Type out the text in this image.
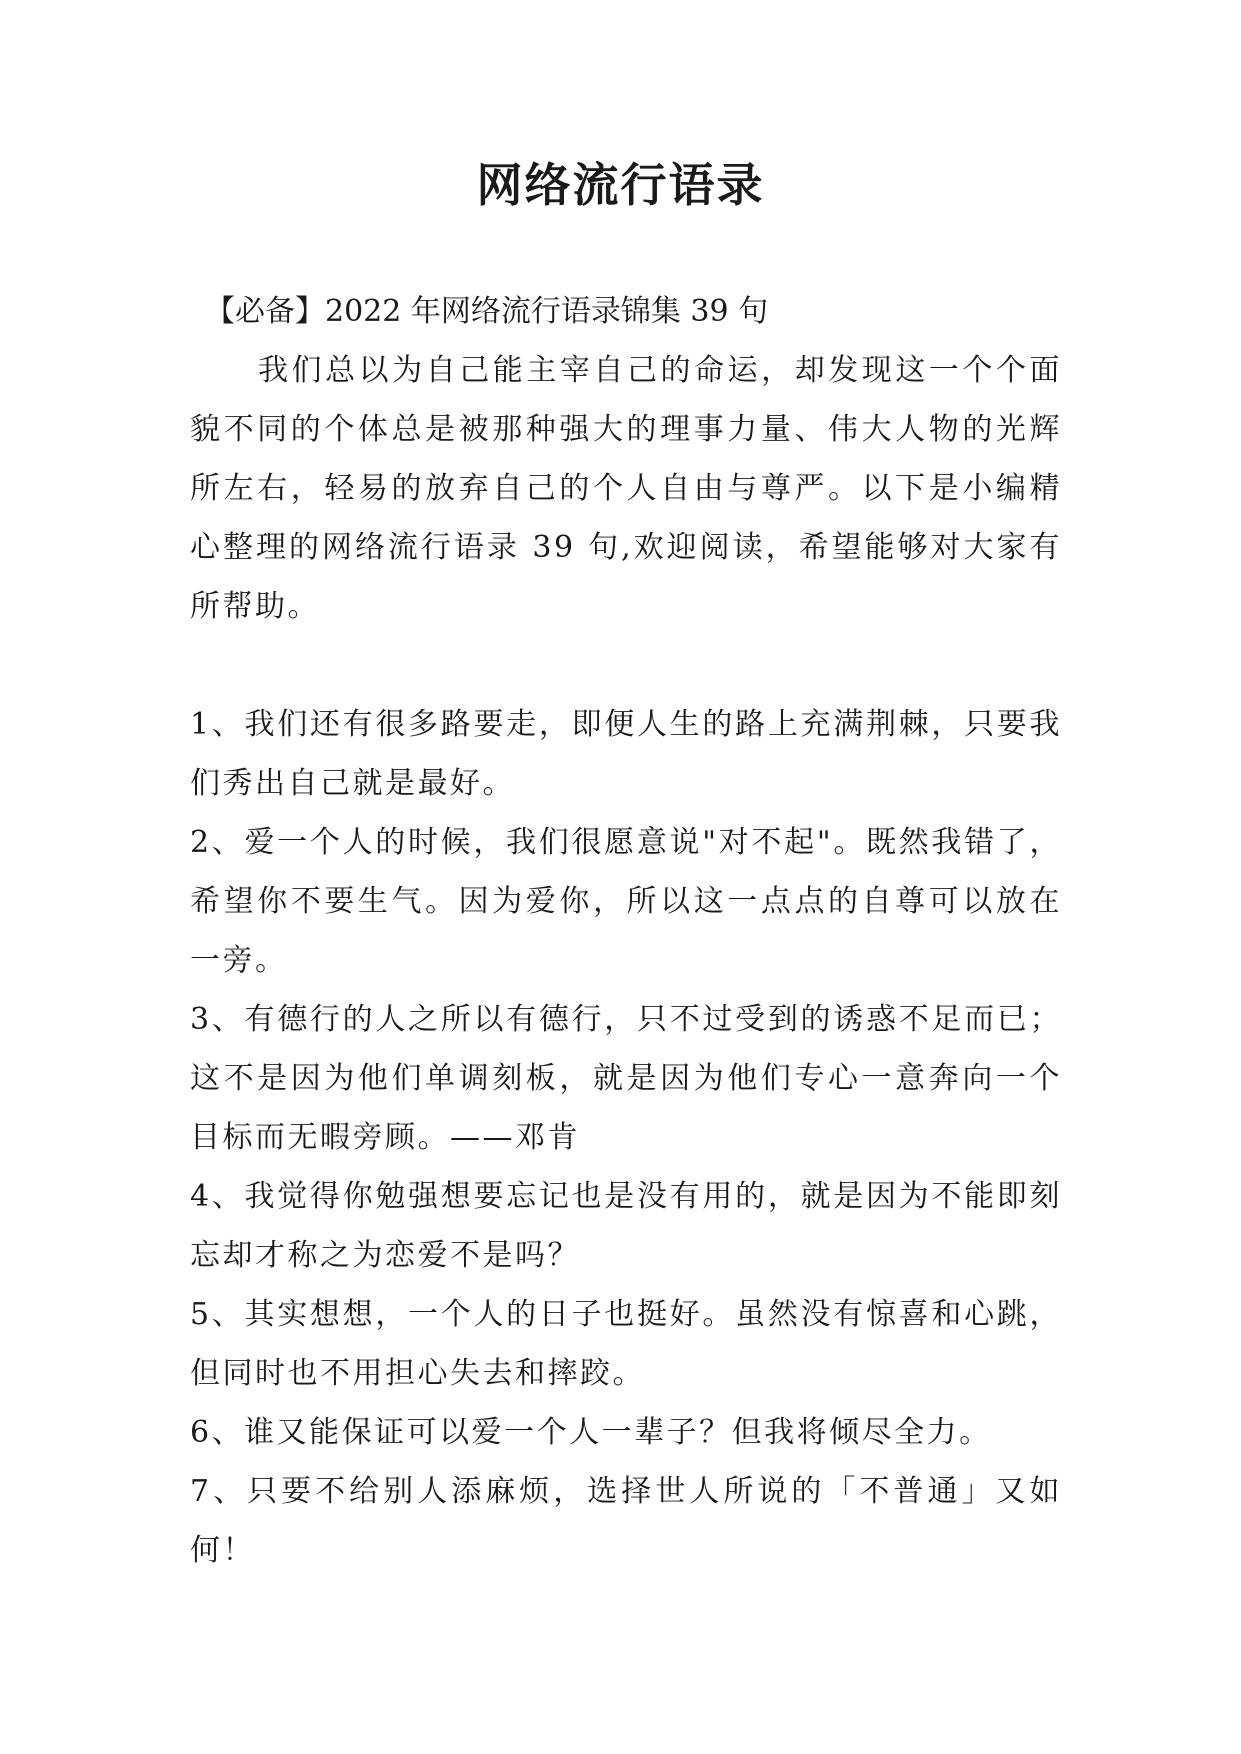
网络流行语录

【必备】2022 年网络流行语录锦集 39 句

我们总以为自己能主宰自己的命运，却发现这一个个面貌不同的个体总是被那种强大的理事力量、伟大人物的光辉所左右，轻易的放弃自己的个人自由与尊严。以下是小编精心整理的网络流行语录 39 句,欢迎阅读，希望能够对大家有所帮助。

1、我们还有很多路要走，即便人生的路上充满荆棘，只要我们秀出自己就是最好。

2、爱一个人的时候，我们很愿意说"对不起"。既然我错了，希望你不要生气。因为爱你，所以这一点点的自尊可以放在一旁。

3、有德行的人之所以有德行，只不过受到的诱惑不足而已；这不是因为他们单调刻板，就是因为他们专心一意奔向一个目标而无暇旁顾。——邓肯

4、我觉得你勉强想要忘记也是没有用的，就是因为不能即刻忘却才称之为恋爱不是吗？

5、其实想想，一个人的日子也挺好。虽然没有惊喜和心跳，但同时也不用担心失去和摔跤。

6、谁又能保证可以爱一个人一辈子？但我将倾尽全力。

7、只要不给别人添麻烦，选择世人所说的「不普通」又如何！
